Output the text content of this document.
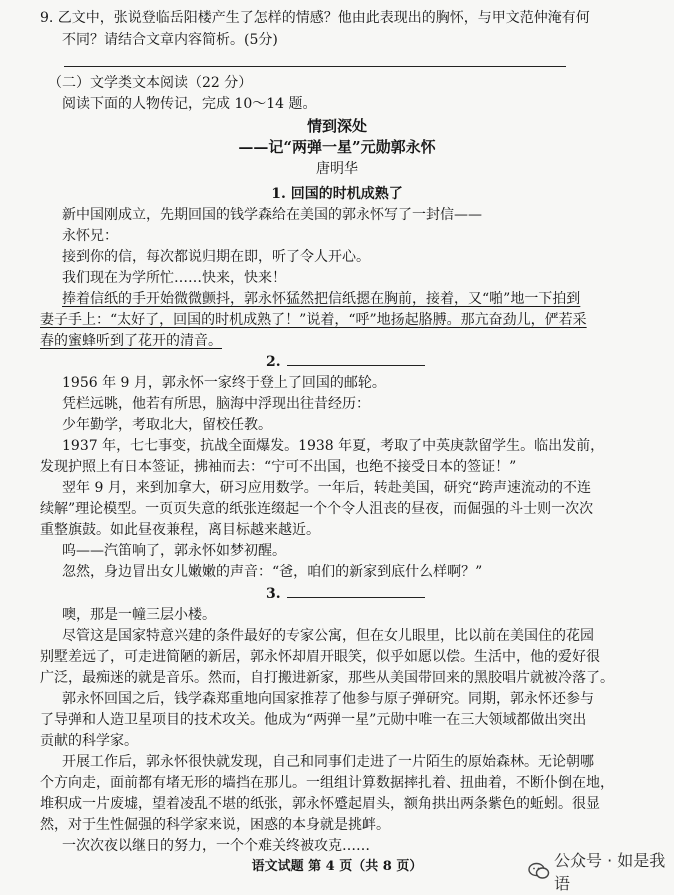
9. 乙文中，张说登临岳阳楼产生了怎样的情感？他由此表现出的胸怀，与甲文范仲淹有何
不同？请结合文章内容简析。(5分)
（二）文学类文本阅读（22 分）
阅读下面的人物传记，完成 10～14 题。
情到深处
——记“两弹一星”元勋郭永怀
唐明华
1. 回国的时机成熟了
新中国刚成立，先期回国的钱学森给在美国的郭永怀写了一封信——
永怀兄：
接到你的信，每次都说归期在即，听了令人开心。
我们现在为学所忙……快来，快来！
捧着信纸的手开始微微颤抖，郭永怀猛然把信纸摁在胸前，接着，又“啪”地一下拍到
妻子手上：“太好了，回国的时机成熟了！”说着，“呼”地扬起胳膊。那亢奋劲儿，俨若采
春的蜜蜂听到了花开的清音。
2.
1956 年 9 月，郭永怀一家终于登上了回国的邮轮。
凭栏远眺，他若有所思，脑海中浮现出往昔经历：
少年勤学，考取北大，留校任教。
1937 年，七七事变，抗战全面爆发。1938 年夏，考取了中英庚款留学生。临出发前，
发现护照上有日本签证，拂袖而去：“宁可不出国，也绝不接受日本的签证！”
翌年 9 月，来到加拿大，研习应用数学。一年后，转赴美国，研究“跨声速流动的不连
续解”理论模型。一页页失意的纸张连缀起一个个令人沮丧的昼夜，而倔强的斗士则一次次
重整旗鼓。如此昼夜兼程，离目标越来越近。
呜——汽笛响了，郭永怀如梦初醒。
忽然，身边冒出女儿嫩嫩的声音：“爸，咱们的新家到底什么样啊？”
3.
噢，那是一幢三层小楼。
尽管这是国家特意兴建的条件最好的专家公寓，但在女儿眼里，比以前在美国住的花园
别墅差远了，可走进简陋的新居，郭永怀却眉开眼笑，似乎如愿以偿。生活中，他的爱好很
广泛，最痴迷的就是音乐。然而，自打搬进新家，那些从美国带回来的黑胶唱片就被冷落了。
郭永怀回国之后，钱学森郑重地向国家推荐了他参与原子弹研究。同期，郭永怀还参与
了导弹和人造卫星项目的技术攻关。他成为“两弹一星”元勋中唯一在三大领域都做出突出
贡献的科学家。
开展工作后，郭永怀很快就发现，自己和同事们走进了一片陌生的原始森林。无论朝哪
个方向走，面前都有堵无形的墙挡在那儿。一组组计算数据摔扎着、扭曲着，不断仆倒在地，
堆积成一片废墟，望着凌乱不堪的纸张，郭永怀蹙起眉头，额角拱出两条紫色的蚯蚓。很显
然，对于生性倔强的科学家来说，困惑的本身就是挑衅。
一次次夜以继日的努力，一个个难关终被攻克……
语文试题 第 4 页（共 8 页）	公众号 · 如是我语
